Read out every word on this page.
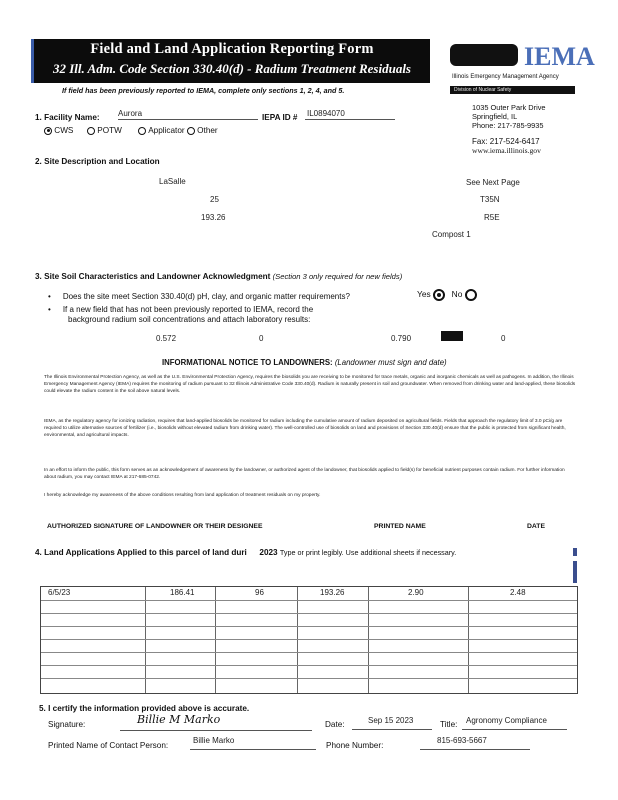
Field and Land Application Reporting Form
32 Ill. Adm. Code Section 330.40(d) - Radium Treatment Residuals	IEMA
Illinois Emergency Management Agency
Division of Nuclear Safety
If field has been previously reported to IEMA, complete only sections 1, 2, 4, and 5.
1035 Outer Park Drive
Springfield, IL
Phone: 217-785-9935
Fax: 217-524-6417
www.iema.illinois.gov
1. Facility Name: Aurora	IEPA ID # IL0894070
CWS	POTW	Applicator Other
2. Site Description and Location
LaSalle	See Next Page
25	T35N
193.26	R5E
Compost 1
3. Site Soil Characteristics and Landowner Acknowledgment (Section 3 only required for new fields)
• Does the site meet Section 330.40(d) pH, clay, and organic matter requirements?	Yes No
• If a new field that has not been previously reported to IEMA, record the
background radium soil concentrations and attach laboratory results:
0.572	0	0.790	0
INFORMATIONAL NOTICE TO LANDOWNERS: (Landowner must sign and date)
The Illinois Environmental Protection Agency, as well as the U.S. Environmental Protection Agency, requires the biosolids you are receiving to be monitored for trace metals, organic and inorganic chemicals as well as pathogens. In addition, the Illinois Emergency Management Agency (IEMA) requires the monitoring of radium pursuant to 32 Illinois Administrative Code 330.40(d). Radium is naturally present in soil and groundwater. When removed from drinking water and land-applied, these biosolids could elevate the radium content in the soil above natural levels.
IEMA, as the regulatory agency for ionizing radiation, requires that land-applied biosolids be monitored for radium including the cumulative amount of radium deposited on agricultural fields. Fields that approach the regulatory limit of 3.0 pCi/g are required to utilize alternative sources of fertilizer (i.e., biosolids without elevated radium from drinking water). The well-controlled use of biosolids on land and provisions of Section 330.40(d) ensure that the public is protected from significant health, environmental, and agricultural impacts.
In an effort to inform the public, this form serves as an acknowledgement of awareness by the landowner, or authorized agent of the landowner, that biosolids applied to field(s) for beneficial nutrient purposes contain radium. For further information about radium, you may contact IEMA at 217-685-0742.
I hereby acknowledge my awareness of the above conditions resulting from land application of treatment residuals on my property.
AUTHORIZED SIGNATURE OF LANDOWNER OR THEIR DESIGNEE	PRINTED NAME	DATE
4. Land Applications Applied to this parcel of land duri 2023 Type or print legibly. Use additional sheets if necessary.
6/5/23	186.41	96	193.26	2.90	2.48
5. I certify the information provided above is accurate.
Signature:	Billie M Marko	Date:	Sep 15 2023	Title: Agronomy Compliance
Printed Name of Contact Person:
Billie Marko
Phone Number:
815-693-5667
